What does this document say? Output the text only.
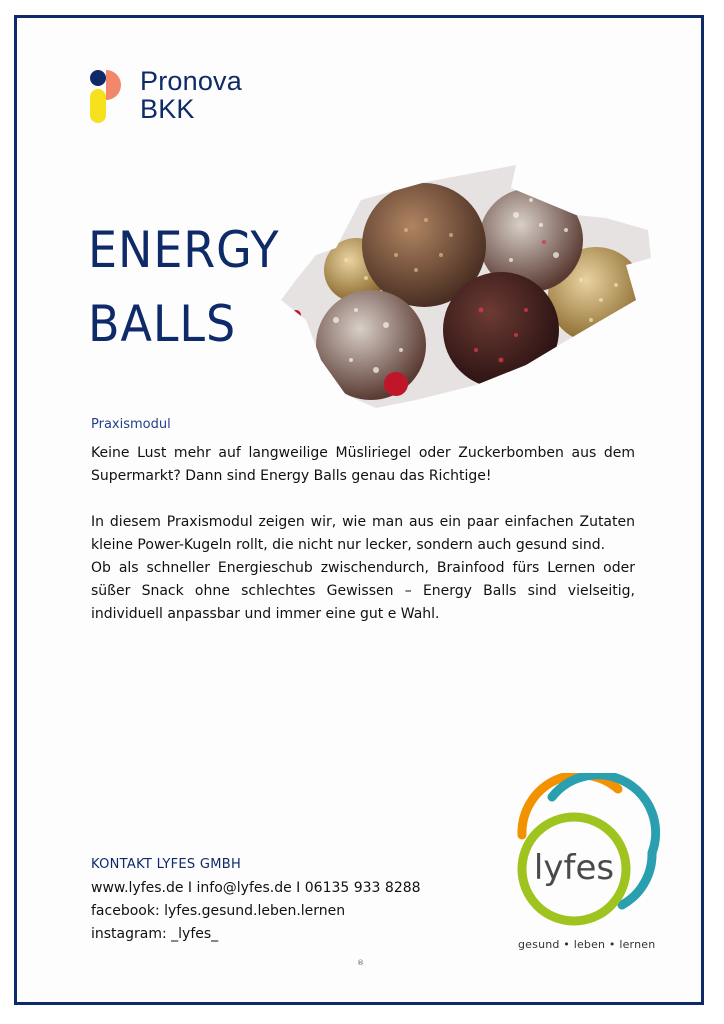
Pronova
BKK
ENERGY
BALLS
Praxismodul

Keine Lust mehr auf langweilige Müsliriegel oder Zuckerbomben aus dem Supermarkt? Dann sind Energy Balls genau das Richtige!

In diesem Praxismodul zeigen wir, wie man aus ein paar einfachen Zutaten kleine Power-Kugeln rollt, die nicht nur lecker, sondern auch gesund sind.

Ob als schneller Energieschub zwischendurch, Brainfood fürs Lernen oder süßer Snack ohne schlechtes Gewissen – Energy Balls sind vielseitig, individuell anpassbar und immer eine gut e Wahl.

KONTAKT LYFES GMBH
www.lyfes.de I info@lyfes.de I 06135 933 8288
facebook: lyfes.gesund.leben.lernen
instagram: _lyfes_
lyfes
gesund • leben • lernen
®
